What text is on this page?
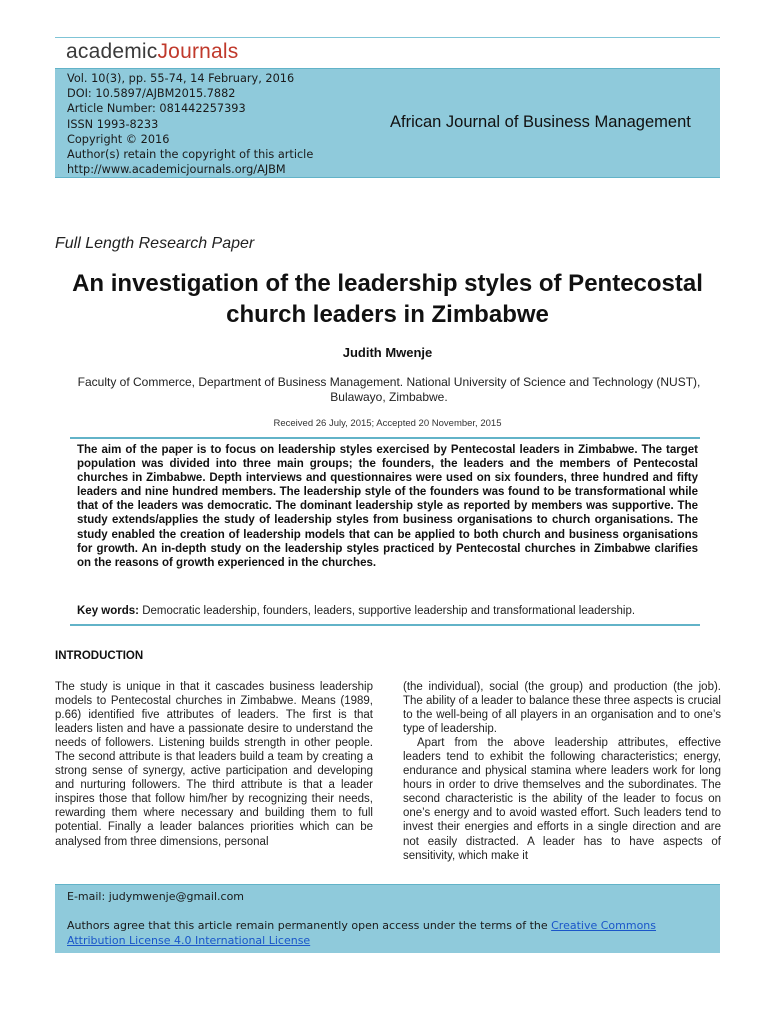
academicJournals
Vol. 10(3), pp. 55-74, 14 February, 2016
DOI: 10.5897/AJBM2015.7882
Article Number: 081442257393
ISSN 1993-8233
Copyright © 2016
Author(s) retain the copyright of this article
http://www.academicjournals.org/AJBM
African Journal of Business Management
Full Length Research Paper
An investigation of the leadership styles of Pentecostal
church leaders in Zimbabwe
Judith Mwenje
Faculty of Commerce, Department of Business Management. National University of Science and Technology (NUST),
Bulawayo, Zimbabwe.
Received 26 July, 2015; Accepted 20 November, 2015
The aim of the paper is to focus on leadership styles exercised by Pentecostal leaders in Zimbabwe. The target population was divided into three main groups; the founders, the leaders and the members of Pentecostal churches in Zimbabwe. Depth interviews and questionnaires were used on six founders, three hundred and fifty leaders and nine hundred members. The leadership style of the founders was found to be transformational while that of the leaders was democratic. The dominant leadership style as reported by members was supportive. The study extends/applies the study of leadership styles from business organisations to church organisations. The study enabled the creation of leadership models that can be applied to both church and business organisations for growth. An in-depth study on the leadership styles practiced by Pentecostal churches in Zimbabwe clarifies on the reasons of growth experienced in the churches.
Key words: Democratic leadership, founders, leaders, supportive leadership and transformational leadership.
INTRODUCTION

The study is unique in that it cascades business leadership models to Pentecostal churches in Zimbabwe. Means (1989, p.66) identified five attributes of leaders. The first is that leaders listen and have a passionate desire to understand the needs of followers. Listening builds strength in other people. The second attribute is that leaders build a team by creating a strong sense of synergy, active participation and developing and nurturing followers. The third attribute is that a leader inspires those that follow him/her by recognizing their needs, rewarding them where necessary and building them to full potential. Finally a leader balances priorities which can be analysed from three dimensions, personal

(the individual), social (the group) and production (the job). The ability of a leader to balance these three aspects is crucial to the well-being of all players in an organisation and to one’s type of leadership.

Apart from the above leadership attributes, effective leaders tend to exhibit the following characteristics; energy, endurance and physical stamina where leaders work for long hours in order to drive themselves and the subordinates. The second characteristic is the ability of the leader to focus on one’s energy and to avoid wasted effort. Such leaders tend to invest their energies and efforts in a single direction and are not easily distracted. A leader has to have aspects of sensitivity, which make it

E-mail: judymwenje@gmail.com
Authors agree that this article remain permanently open access under the terms of the Creative Commons Attribution License 4.0 International License
